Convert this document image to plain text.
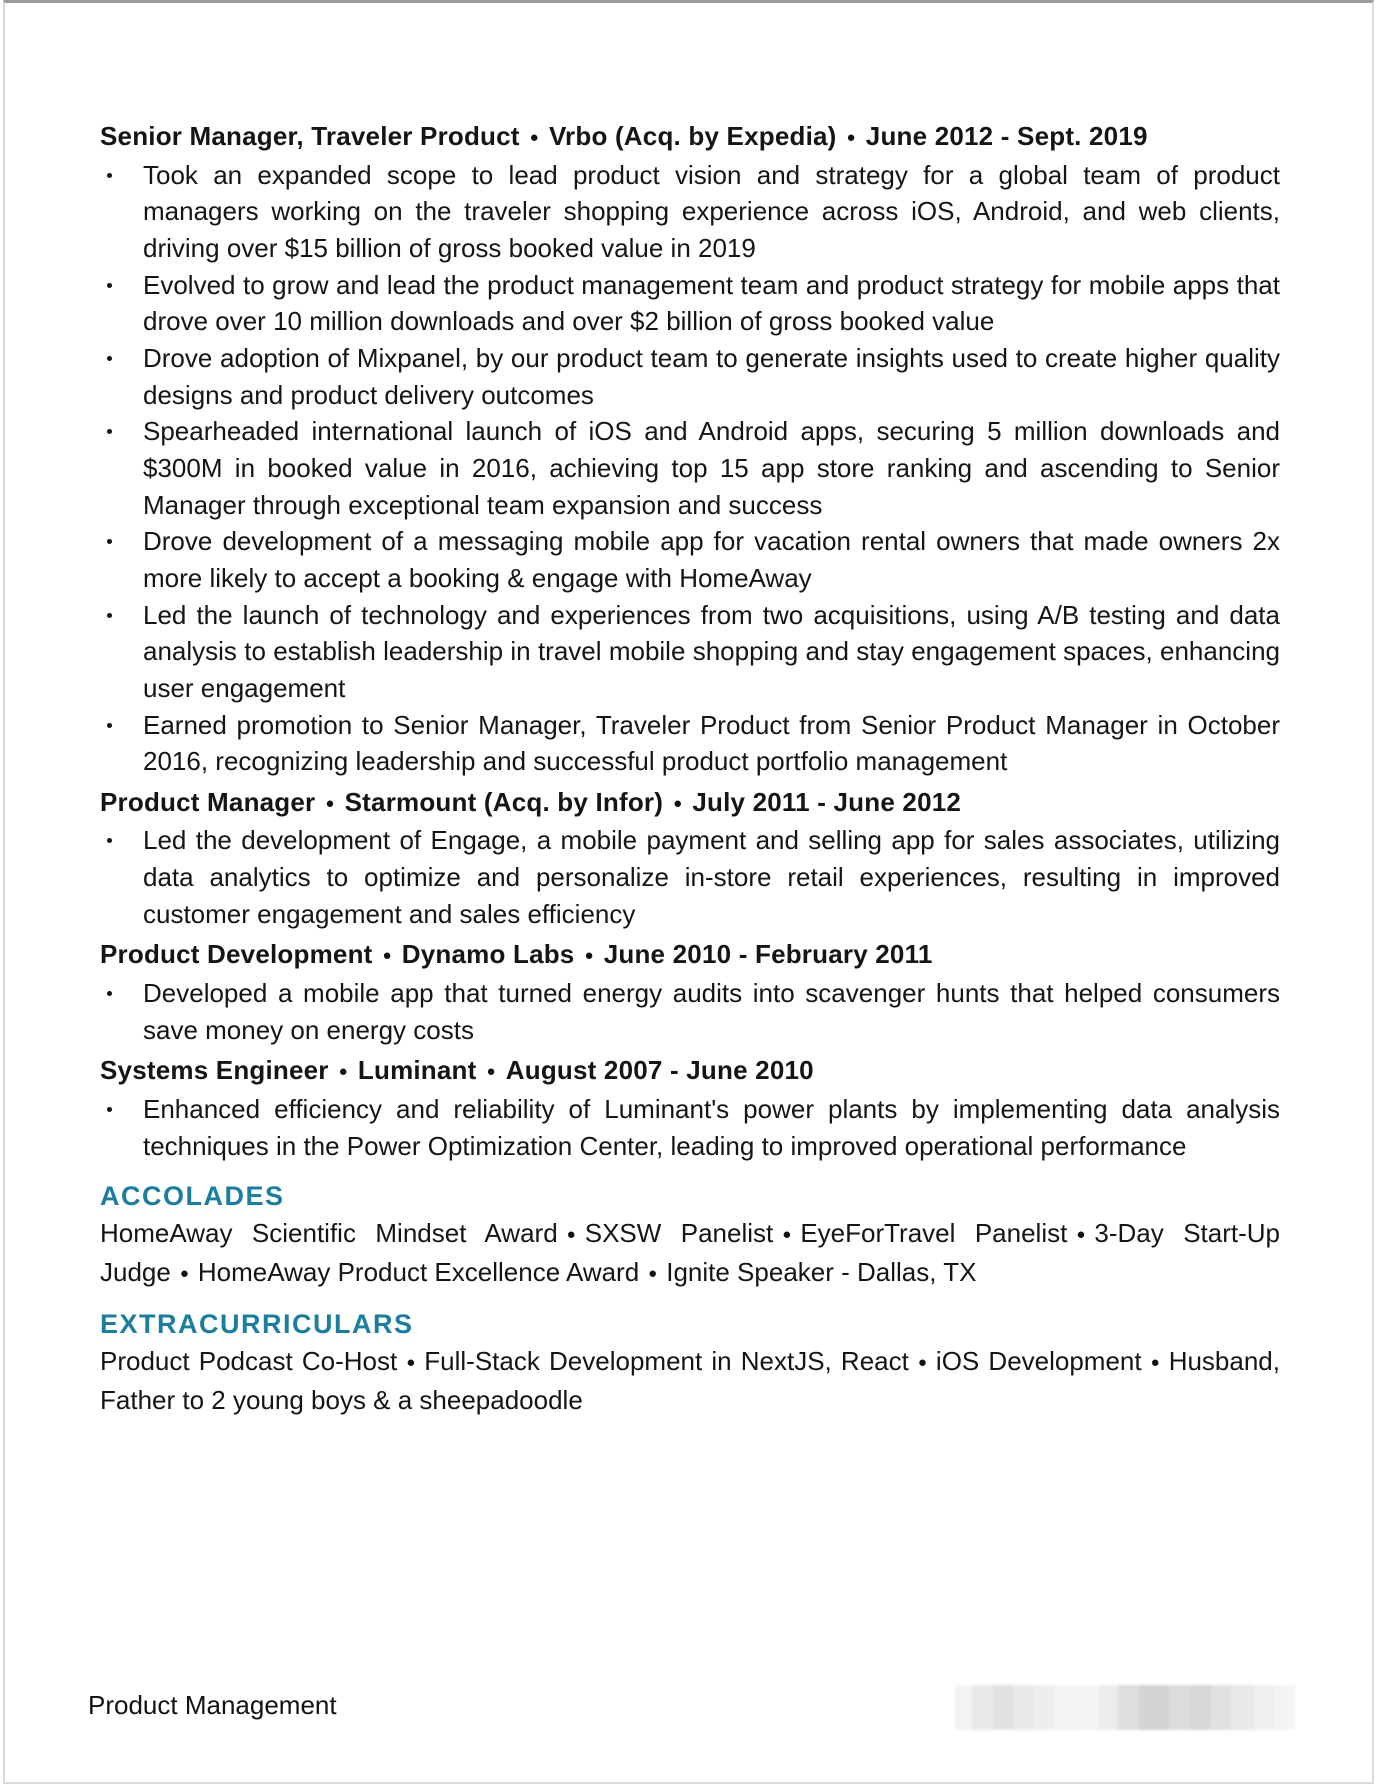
Senior Manager, Traveler Product ● Vrbo (Acq. by Expedia) ● June 2012 - Sept. 2019
Took an expanded scope to lead product vision and strategy for a global team of product managers working on the traveler shopping experience across iOS, Android, and web clients, driving over $15 billion of gross booked value in 2019
Evolved to grow and lead the product management team and product strategy for mobile apps that drove over 10 million downloads and over $2 billion of gross booked value
Drove adoption of Mixpanel, by our product team to generate insights used to create higher quality designs and product delivery outcomes
Spearheaded international launch of iOS and Android apps, securing 5 million downloads and $300M in booked value in 2016, achieving top 15 app store ranking and ascending to Senior Manager through exceptional team expansion and success
Drove development of a messaging mobile app for vacation rental owners that made owners 2x more likely to accept a booking & engage with HomeAway
Led the launch of technology and experiences from two acquisitions, using A/B testing and data analysis to establish leadership in travel mobile shopping and stay engagement spaces, enhancing user engagement
Earned promotion to Senior Manager, Traveler Product from Senior Product Manager in October 2016, recognizing leadership and successful product portfolio management
Product Manager ● Starmount (Acq. by Infor) ● July 2011 - June 2012
Led the development of Engage, a mobile payment and selling app for sales associates, utilizing data analytics to optimize and personalize in-store retail experiences, resulting in improved customer engagement and sales efficiency
Product Development ● Dynamo Labs ● June 2010 - February 2011
Developed a mobile app that turned energy audits into scavenger hunts that helped consumers save money on energy costs
Systems Engineer ● Luminant ● August 2007 - June 2010
Enhanced efficiency and reliability of Luminant's power plants by implementing data analysis techniques in the Power Optimization Center, leading to improved operational performance
ACCOLADES

HomeAway Scientific Mindset Award ● SXSW Panelist ● EyeForTravel Panelist ● 3-Day Start-Up Judge ● HomeAway Product Excellence Award ● Ignite Speaker - Dallas, TX

EXTRACURRICULARS

Product Podcast Co-Host ● Full-Stack Development in NextJS, React ● iOS Development ● Husband, Father to 2 young boys & a sheepadoodle

Product Management
